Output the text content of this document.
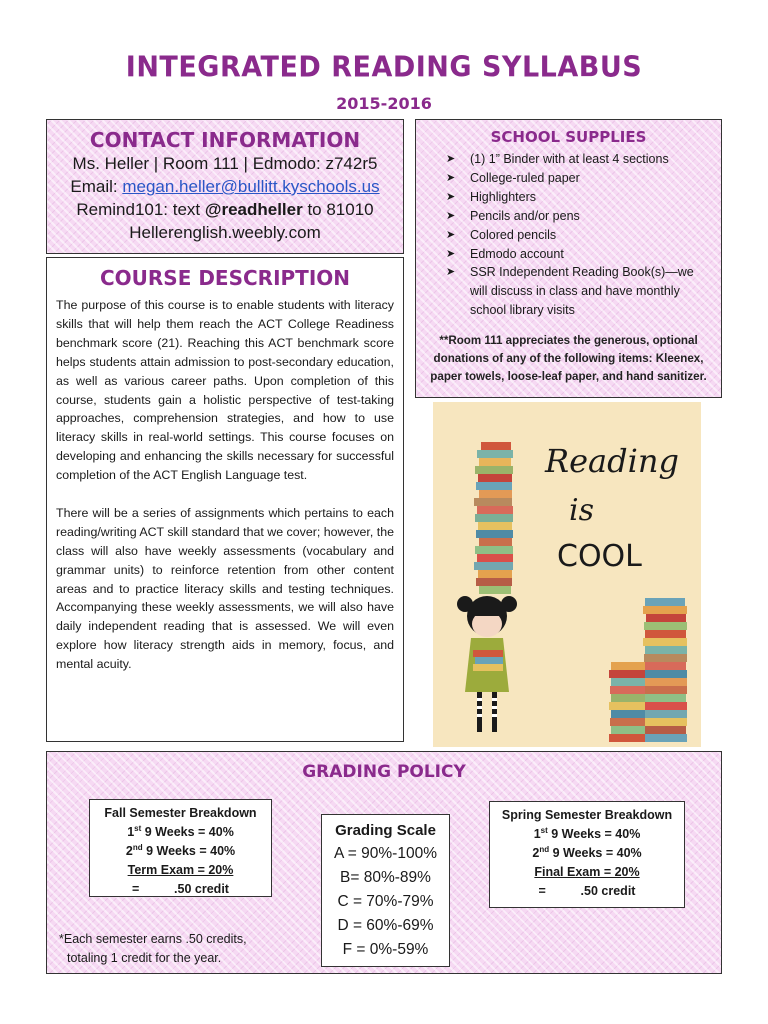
INTEGRATED READING SYLLABUS
2015-2016
CONTACT INFORMATION
Ms. Heller | Room 111 | Edmodo: z742r5
Email: megan.heller@bullitt.kyschools.us
Remind101: text @readheller to 81010
Hellerenglish.weebly.com
COURSE DESCRIPTION

The purpose of this course is to enable students with literacy skills that will help them reach the ACT College Readiness benchmark score (21). Reaching this ACT benchmark score helps students attain admission to post-secondary education, as well as various career paths. Upon completion of this course, students gain a holistic perspective of test-taking approaches, comprehension strategies, and how to use literacy skills in real-world settings. This course focuses on developing and enhancing the skills necessary for successful completion of the ACT English Language test.

There will be a series of assignments which pertains to each reading/writing ACT skill standard that we cover; however, the class will also have weekly assessments (vocabulary and grammar units) to reinforce retention from other content areas and to practice literacy skills and testing techniques. Accompanying these weekly assessments, we will also have daily independent reading that is assessed. We will even explore how literacy strength aids in memory, focus, and mental acuity.

SCHOOL SUPPLIES
➤ (1) 1” Binder with at least 4 sections
➤ College-ruled paper
➤ Highlighters
➤ Pencils and/or pens
➤ Colored pencils
➤ Edmodo account
➤ SSR Independent Reading Book(s)—we will discuss in class and have monthly school library visits
**Room 111 appreciates the generous, optional donations of any of the following items: Kleenex, paper towels, loose-leaf paper, and hand sanitizer.
Reading
is
COOL
GRADING POLICY
Fall Semester Breakdown
1st 9 Weeks = 40%
2nd 9 Weeks = 40%
Term Exam = 20%
=          .50 credit
Grading Scale
A = 90%-100%
B= 80%-89%
C = 70%-79%
D = 60%-69%
F = 0%-59%
Spring Semester Breakdown
1st 9 Weeks = 40%
2nd 9 Weeks = 40%
Final Exam = 20%
=          .50 credit
*Each semester earns .50 credits,
totaling 1 credit for the year.
